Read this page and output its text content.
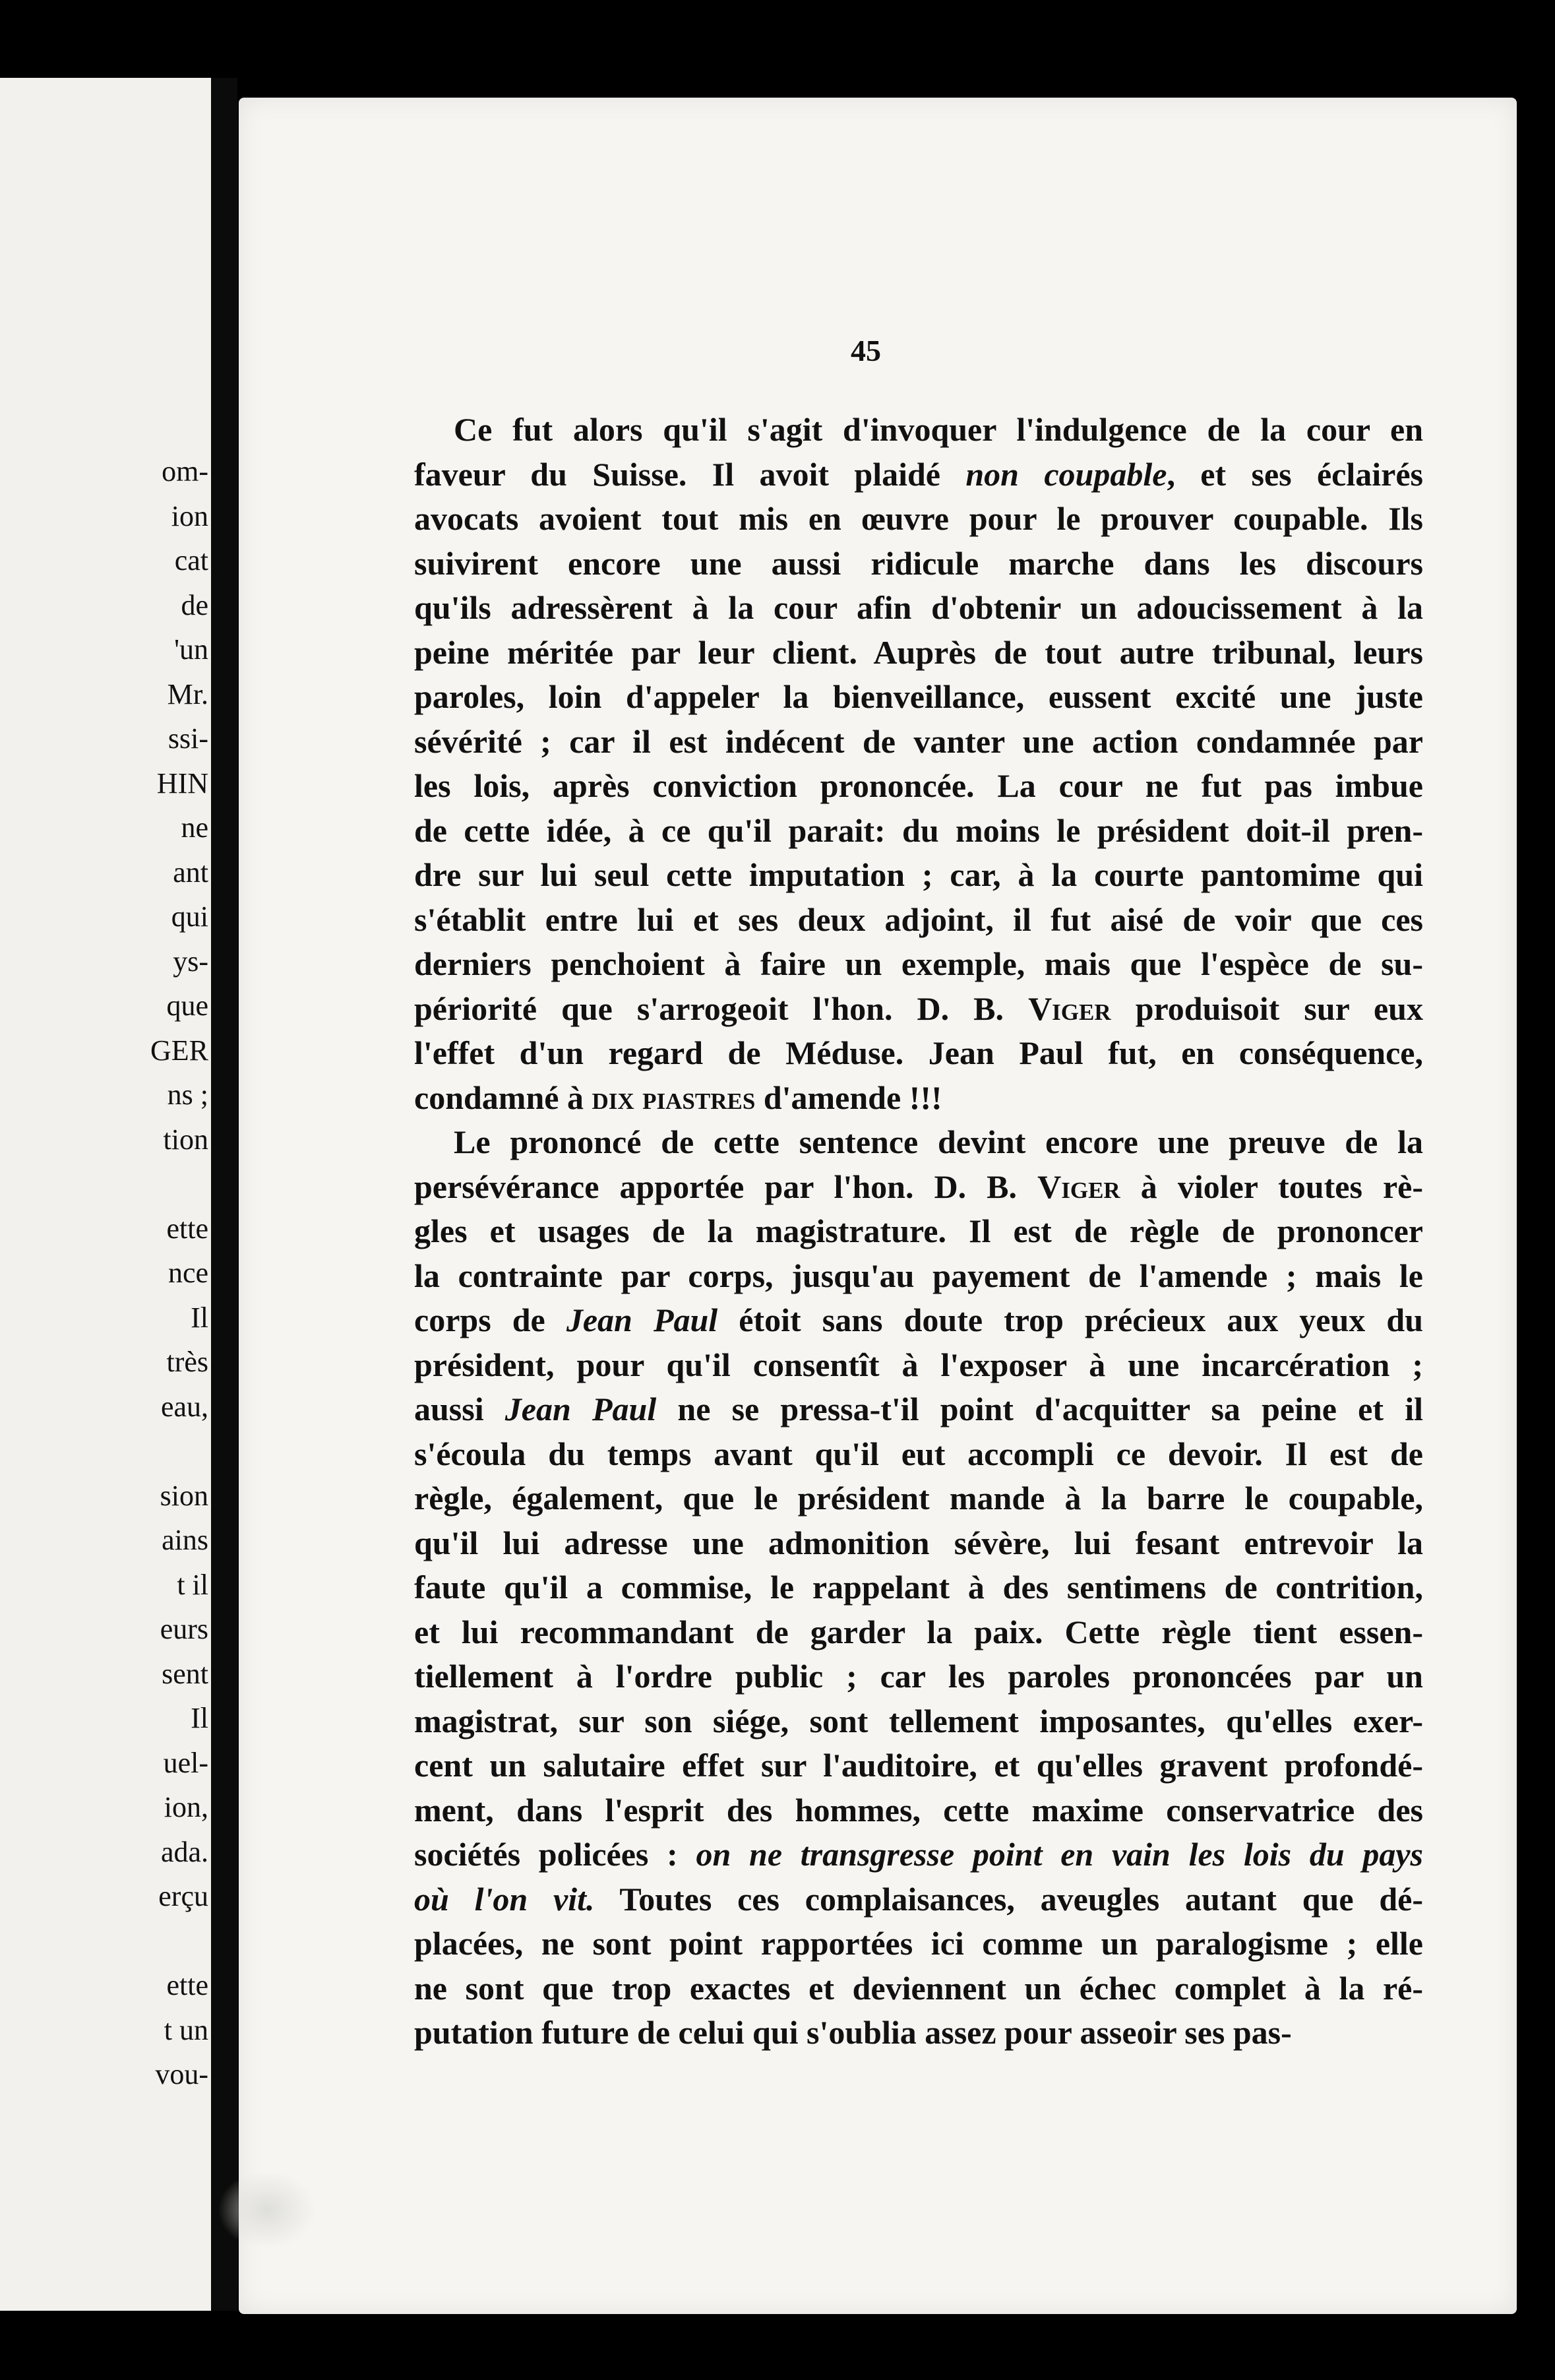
om-
ion
cat
de
'un
Mr.
ssi-
HIN
ne
ant
qui
ys-
que
GER
ns ;
tion
ette
nce
Il
très
eau,
sion
ains
t il
eurs
sent
Il
uel-
ion,
ada.
erçu
ette
t un
vou-
45
Ce fut alors qu'il s'agit d'invoquer l'indulgence de la cour en
faveur du Suisse. Il avoit plaidé non coupable, et ses éclairés
avocats avoient tout mis en œuvre pour le prouver coupable. Ils
suivirent encore une aussi ridicule marche dans les discours
qu'ils adressèrent à la cour afin d'obtenir un adoucissement à la
peine méritée par leur client. Auprès de tout autre tribunal, leurs
paroles, loin d'appeler la bienveillance, eussent excité une juste
sévérité ; car il est indécent de vanter une action condamnée par
les lois, après conviction prononcée. La cour ne fut pas imbue
de cette idée, à ce qu'il parait: du moins le président doit-il pren-
dre sur lui seul cette imputation ; car, à la courte pantomime qui
s'établit entre lui et ses deux adjoint, il fut aisé de voir que ces
derniers penchoient à faire un exemple, mais que l'espèce de su-
périorité que s'arrogeoit l'hon. D. B. Viger produisoit sur eux
l'effet d'un regard de Méduse. Jean Paul fut, en conséquence,
condamné à dix piastres d'amende !!!
Le prononcé de cette sentence devint encore une preuve de la
persévérance apportée par l'hon. D. B. Viger à violer toutes rè-
gles et usages de la magistrature. Il est de règle de prononcer
la contrainte par corps, jusqu'au payement de l'amende ; mais le
corps de Jean Paul étoit sans doute trop précieux aux yeux du
président, pour qu'il consentît à l'exposer à une incarcération ;
aussi Jean Paul ne se pressa-t'il point d'acquitter sa peine et il
s'écoula du temps avant qu'il eut accompli ce devoir. Il est de
règle, également, que le président mande à la barre le coupable,
qu'il lui adresse une admonition sévère, lui fesant entrevoir la
faute qu'il a commise, le rappelant à des sentimens de contrition,
et lui recommandant de garder la paix. Cette règle tient essen-
tiellement à l'ordre public ; car les paroles prononcées par un
magistrat, sur son siége, sont tellement imposantes, qu'elles exer-
cent un salutaire effet sur l'auditoire, et qu'elles gravent profondé-
ment, dans l'esprit des hommes, cette maxime conservatrice des
sociétés policées : on ne transgresse point en vain les lois du pays
où l'on vit. Toutes ces complaisances, aveugles autant que dé-
placées, ne sont point rapportées ici comme un paralogisme ; elle
ne sont que trop exactes et deviennent un échec complet à la ré-
putation future de celui qui s'oublia assez pour asseoir ses pas-
